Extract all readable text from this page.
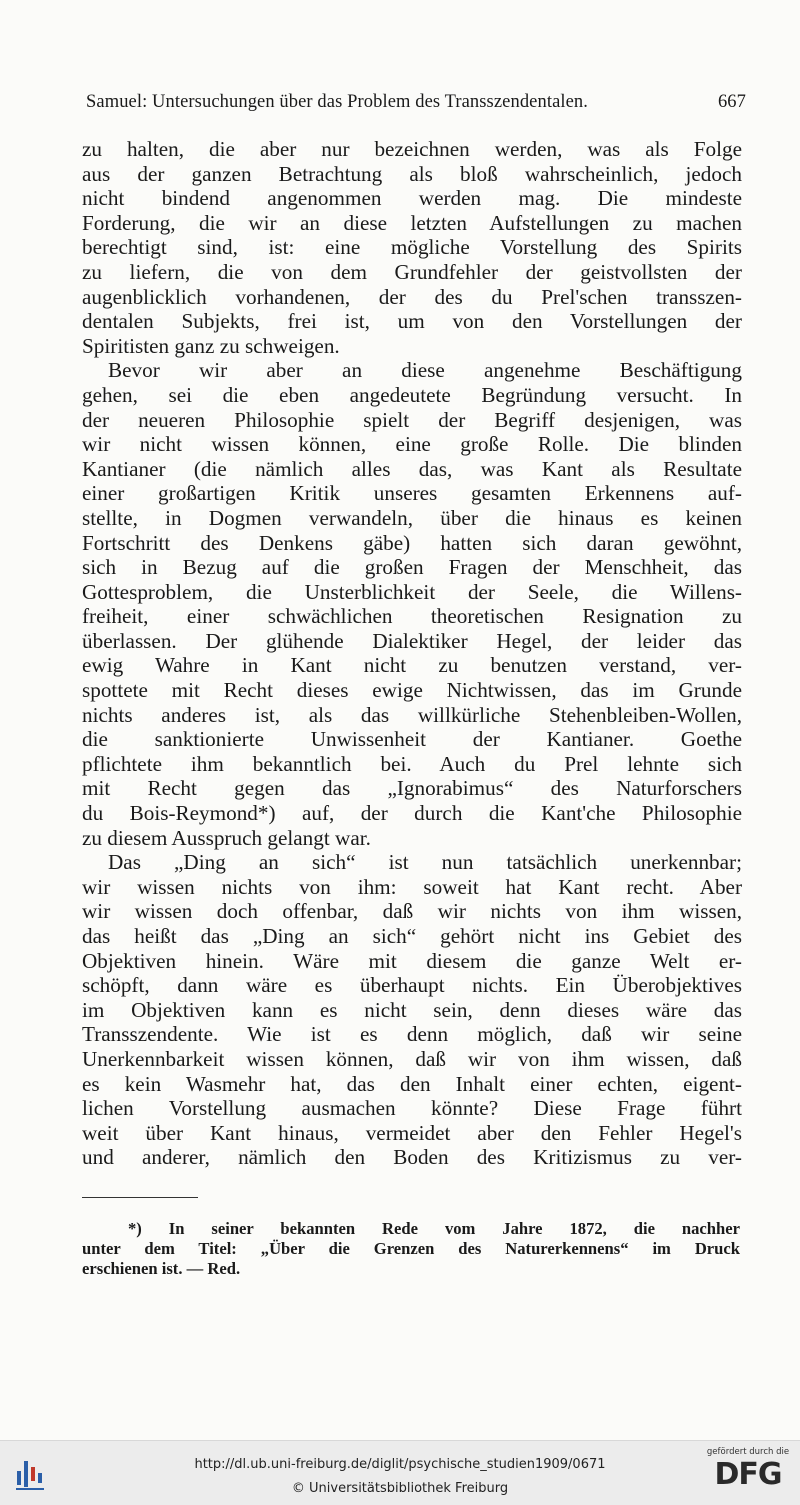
Samuel: Untersuchungen über das Problem des Transszendentalen.	667
zu halten, die aber nur bezeichnen werden, was als Folge
aus der ganzen Betrachtung als bloß wahrscheinlich, jedoch
nicht bindend angenommen werden mag. Die mindeste
Forderung, die wir an diese letzten Aufstellungen zu machen
berechtigt sind, ist: eine mögliche Vorstellung des Spirits
zu liefern, die von dem Grundfehler der geistvollsten der
augenblicklich vorhandenen, der des du Prel'schen transszen-
dentalen Subjekts, frei ist, um von den Vorstellungen der
Spiritisten ganz zu schweigen.
Bevor wir aber an diese angenehme Beschäftigung
gehen, sei die eben angedeutete Begründung versucht. In
der neueren Philosophie spielt der Begriff desjenigen, was
wir nicht wissen können, eine große Rolle. Die blinden
Kantianer (die nämlich alles das, was Kant als Resultate
einer großartigen Kritik unseres gesamten Erkennens auf-
stellte, in Dogmen verwandeln, über die hinaus es keinen
Fortschritt des Denkens gäbe) hatten sich daran gewöhnt,
sich in Bezug auf die großen Fragen der Menschheit, das
Gottesproblem, die Unsterblichkeit der Seele, die Willens-
freiheit, einer schwächlichen theoretischen Resignation zu
überlassen. Der glühende Dialektiker Hegel, der leider das
ewig Wahre in Kant nicht zu benutzen verstand, ver-
spottete mit Recht dieses ewige Nichtwissen, das im Grunde
nichts anderes ist, als das willkürliche Stehenbleiben-Wollen,
die sanktionierte Unwissenheit der Kantianer. Goethe
pflichtete ihm bekanntlich bei. Auch du Prel lehnte sich
mit Recht gegen das „Ignorabimus“ des Naturforschers
du Bois-Reymond*) auf, der durch die Kant'che Philosophie
zu diesem Ausspruch gelangt war.
Das „Ding an sich“ ist nun tatsächlich unerkennbar;
wir wissen nichts von ihm: soweit hat Kant recht. Aber
wir wissen doch offenbar, daß wir nichts von ihm wissen,
das heißt das „Ding an sich“ gehört nicht ins Gebiet des
Objektiven hinein. Wäre mit diesem die ganze Welt er-
schöpft, dann wäre es überhaupt nichts. Ein Überobjektives
im Objektiven kann es nicht sein, denn dieses wäre das
Transszendente. Wie ist es denn möglich, daß wir seine
Unerkennbarkeit wissen können, daß wir von ihm wissen, daß
es kein Wasmehr hat, das den Inhalt einer echten, eigent-
lichen Vorstellung ausmachen könnte? Diese Frage führt
weit über Kant hinaus, vermeidet aber den Fehler Hegel's
und anderer, nämlich den Boden des Kritizismus zu ver-
*) In seiner bekannten Rede vom Jahre 1872, die nachher
unter dem Titel: „Über die Grenzen des Naturerkennens“ im Druck
erschienen ist. — Red.
http://dl.ub.uni-freiburg.de/diglit/psychische_studien1909/0671
© Universitätsbibliothek Freiburg
gefördert durch die
DFG
